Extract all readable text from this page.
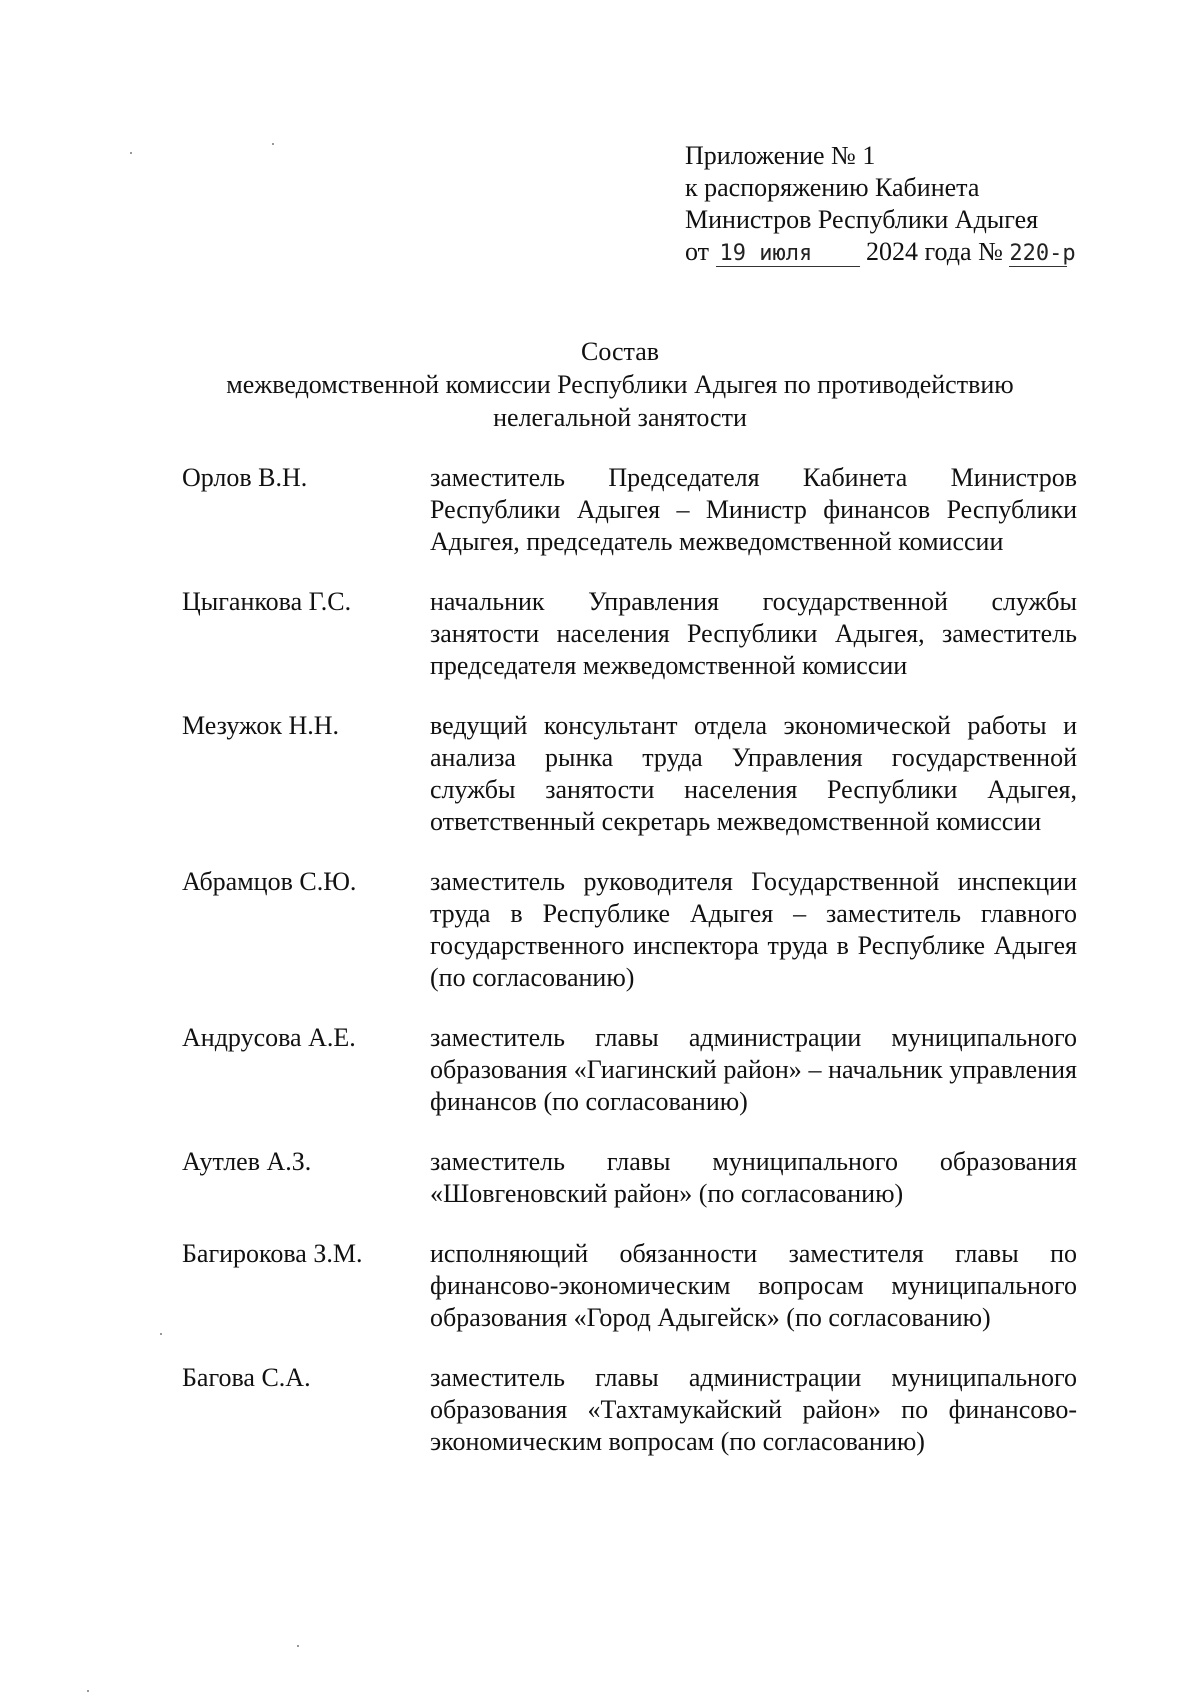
Приложение № 1
к распоряжению Кабинета
Министров Республики Адыгея
от 19 июля 2024 года № 220-р
Состав
межведомственной комиссии Республики Адыгея по противодействию
нелегальной занятости
Орлов В.Н.	заместитель Председателя Кабинета Министров Республики Адыгея – Министр финансов Республики Адыгея, председатель межведомственной комиссии
Цыганкова Г.С.	начальник Управления государственной службы занятости населения Республики Адыгея, заместитель председателя межведомственной комиссии
Мезужок Н.Н.	ведущий консультант отдела экономической работы и анализа рынка труда Управления государственной службы занятости населения Республики Адыгея, ответственный секретарь межведомственной комиссии
Абрамцов С.Ю.	заместитель руководителя Государственной инспекции труда в Республике Адыгея – заместитель главного государственного инспектора труда в Республике Адыгея (по согласованию)
Андрусова А.Е.	заместитель главы администрации муниципального образования «Гиагинский район» – начальник управления финансов (по согласованию)
Аутлев А.З.	заместитель главы муниципального образования «Шовгеновский район» (по согласованию)
Багирокова З.М.	исполняющий обязанности заместителя главы по финансово-экономическим вопросам муниципального образования «Город Адыгейск» (по согласованию)
Багова С.А.	заместитель главы администрации муниципального образования «Тахтамукайский район» по финансово-экономическим вопросам (по согласованию)
